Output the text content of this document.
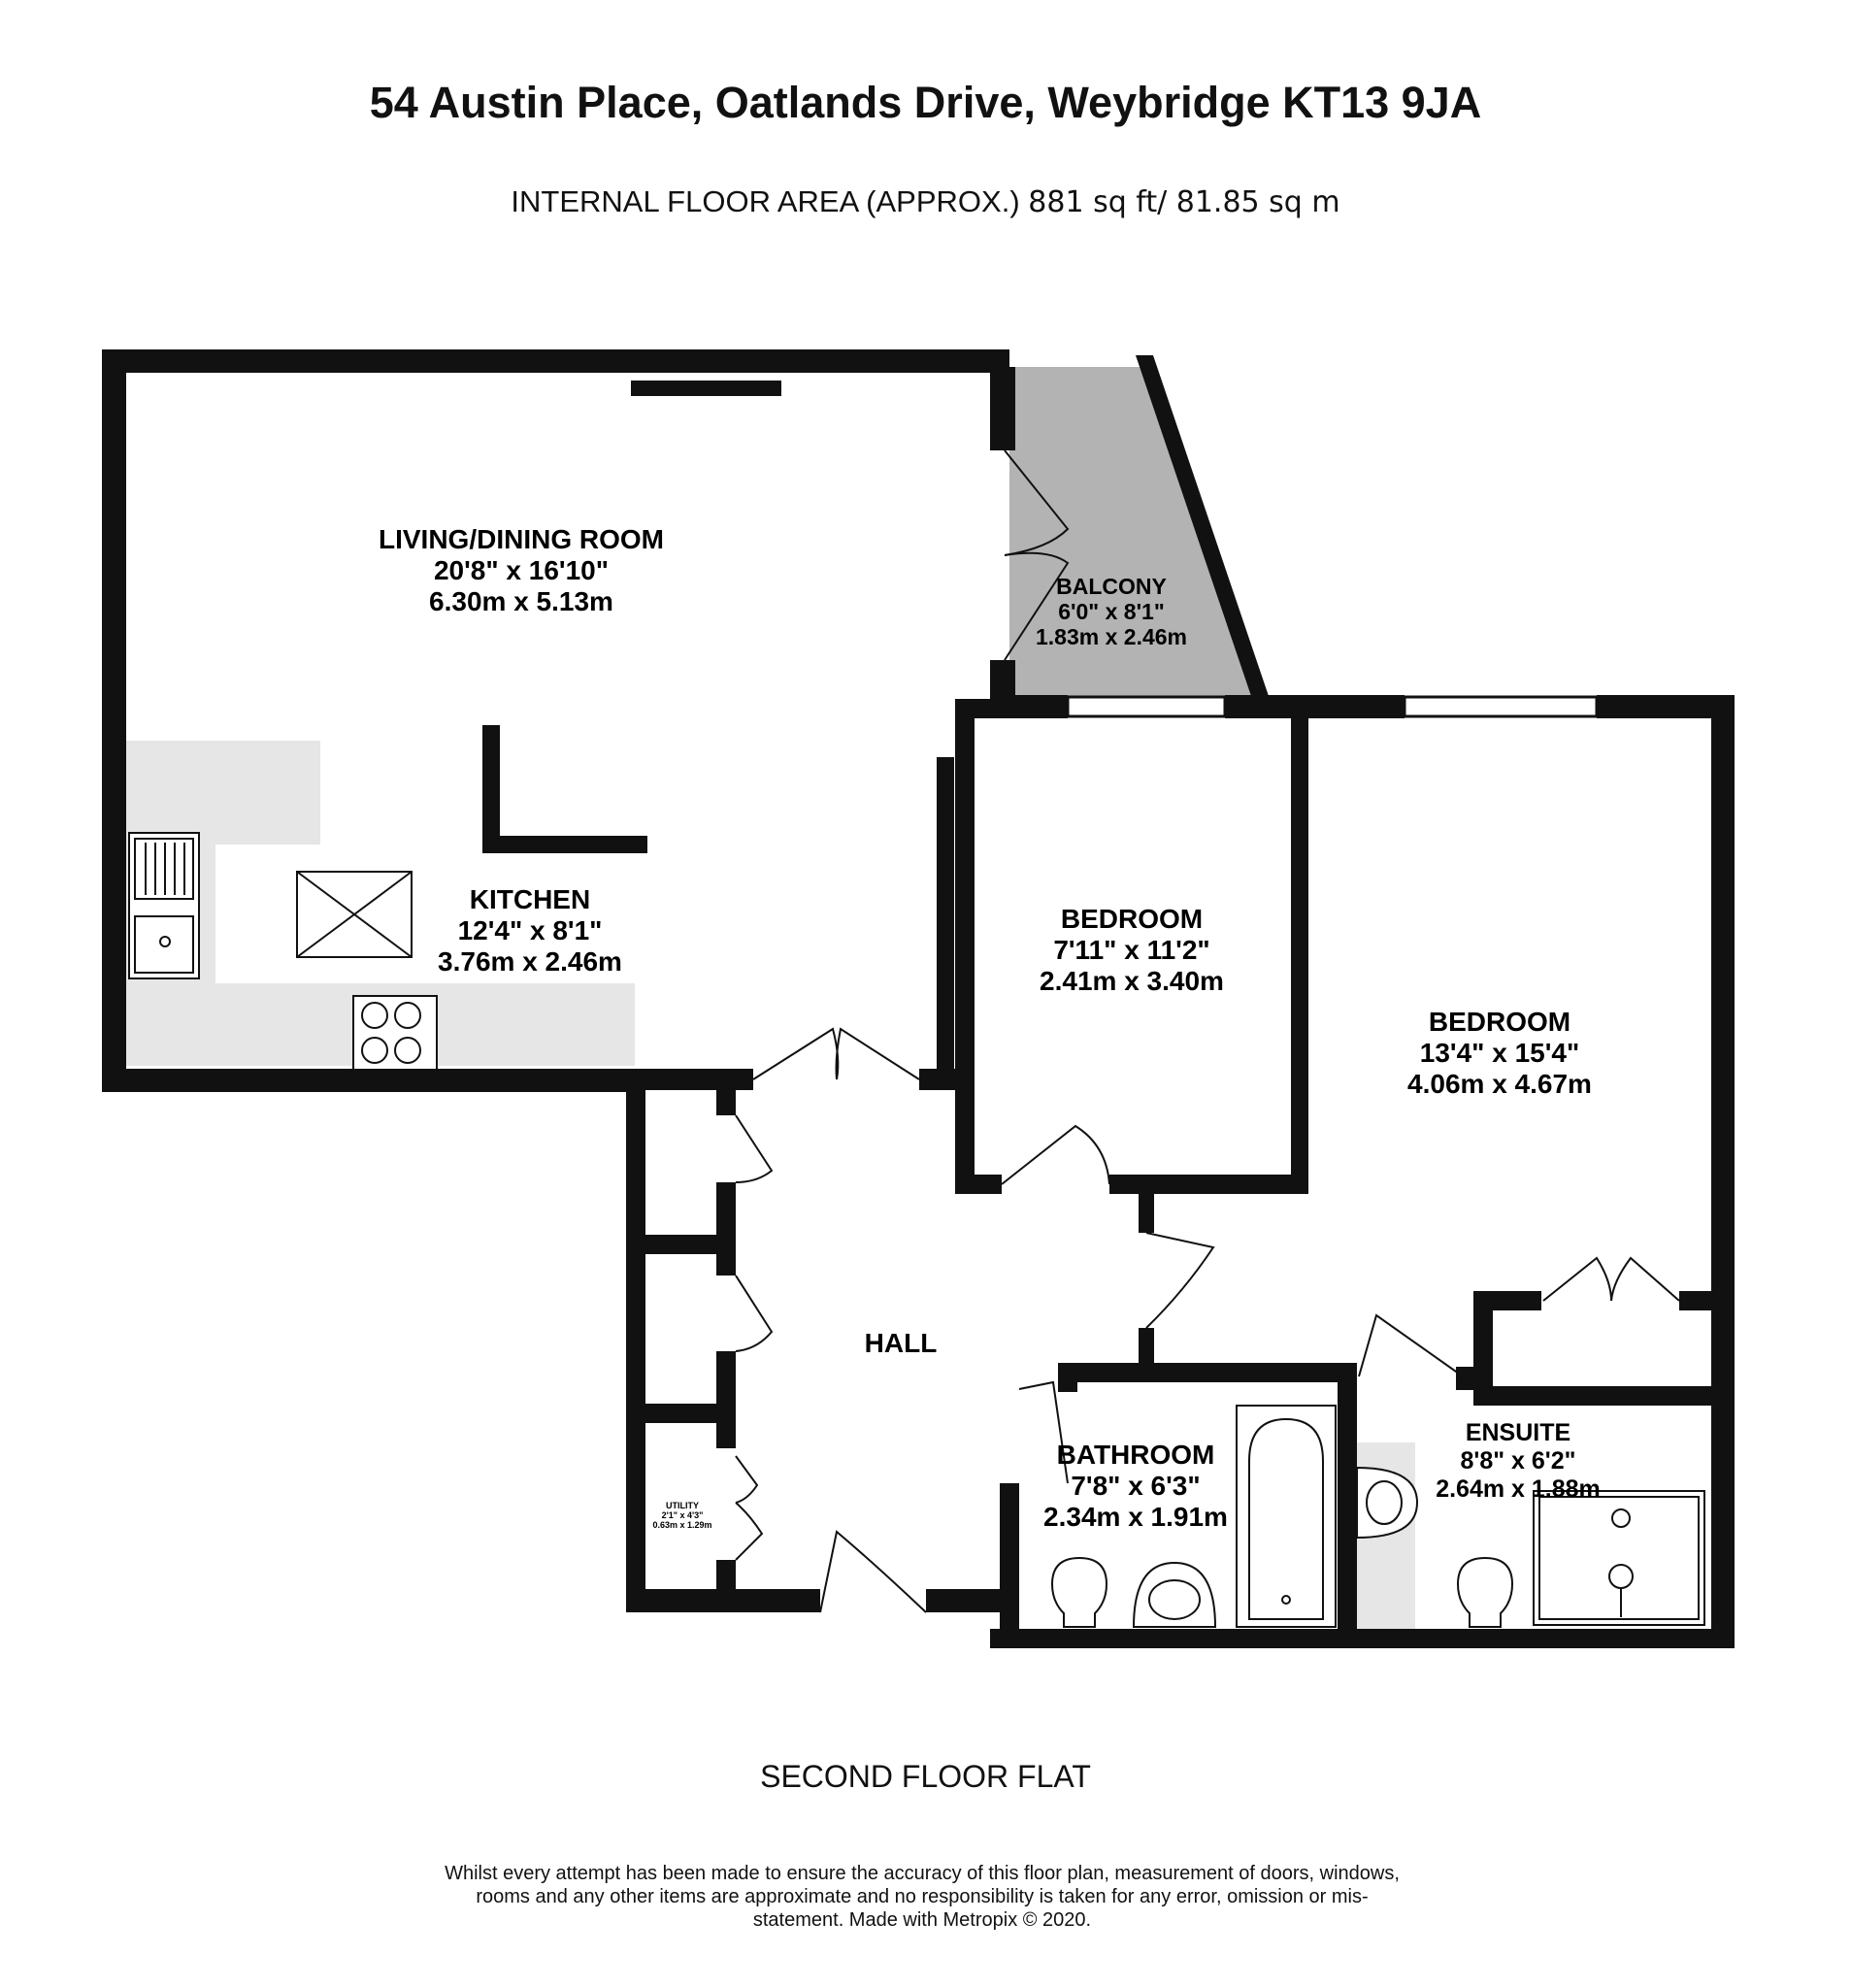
54 Austin Place, Oatlands Drive, Weybridge KT13 9JA
INTERNAL FLOOR AREA (APPROX.) 881 sq ft/ 81.85 sq m
LIVING/DINING ROOM
20'8" x 16'10"
6.30m x 5.13m	BALCONY
6'0" x 8'1"
1.83m x 2.46m
KITCHEN
12'4" x 8'1"
3.76m x 2.46m
BEDROOM
7'11" x 11'2"
2.41m x 3.40m
BEDROOM
13'4" x 15'4"
4.06m x 4.67m
HALL
UTILITY
2'1" x 4'3"
0.63m x 1.29m
BATHROOM
7'8" x 6'3"
2.34m x 1.91m
ENSUITE
8'8" x 6'2"
2.64m x 1.88m
SECOND FLOOR FLAT
Whilst every attempt has been made to ensure the accuracy of this floor plan, measurement of doors, windows, rooms and any other items are approximate and no responsibility is taken for any error, omission or mis-statement. Made with Metropix © 2020.
